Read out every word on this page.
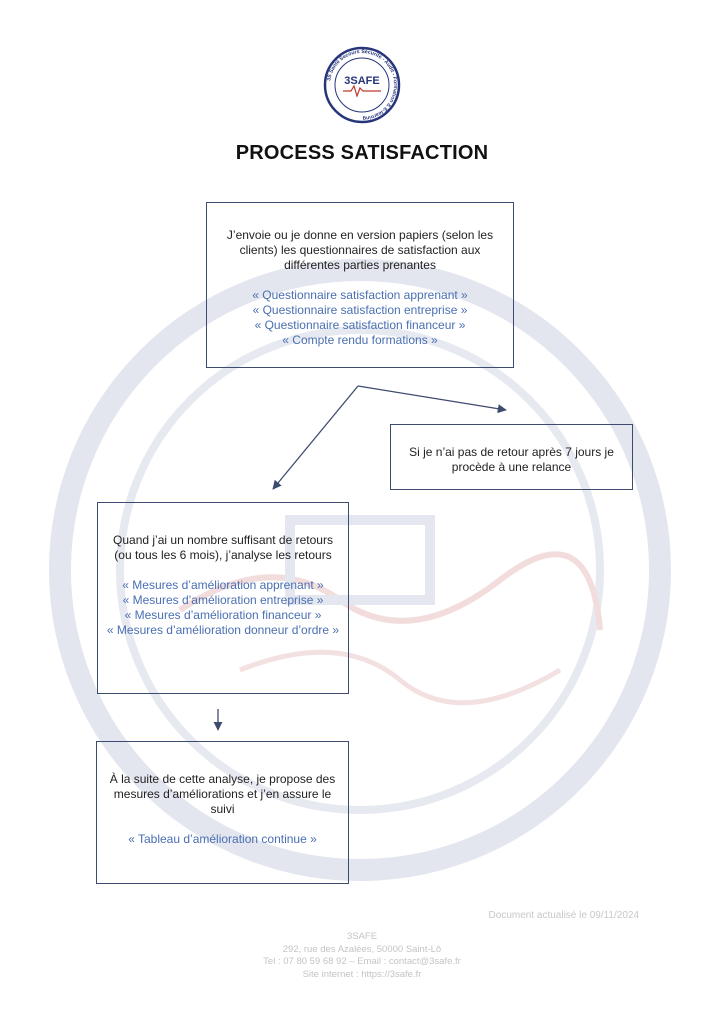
3S Santé Secours Sécurité - Audit - Formation & E-learning
3SAFE
PROCESS SATISFACTION
J’envoie ou je donne en version papiers (selon les clients) les questionnaires de satisfaction aux différentes parties prenantes
« Questionnaire satisfaction apprenant »
« Questionnaire satisfaction entreprise »
« Questionnaire satisfaction financeur »
« Compte rendu formations »
Si je n’ai pas de retour après 7 jours je procède à une relance
Quand j’ai un nombre suffisant de retours (ou tous les 6 mois), j’analyse les retours
« Mesures d’amélioration apprenant »
« Mesures d’amélioration entreprise »
« Mesures d’amélioration financeur »
« Mesures d’amélioration donneur d’ordre »
À la suite de cette analyse, je propose des mesures d’améliorations et j’en assure le suivi
« Tableau d’amélioration continue »
Document actualisé le 09/11/2024
3SAFE
292, rue des Azalées, 50000 Saint-Lô
Tel : 07 80 59 68 92 – Email : contact@3safe.fr
Site internet : https://3safe.fr
